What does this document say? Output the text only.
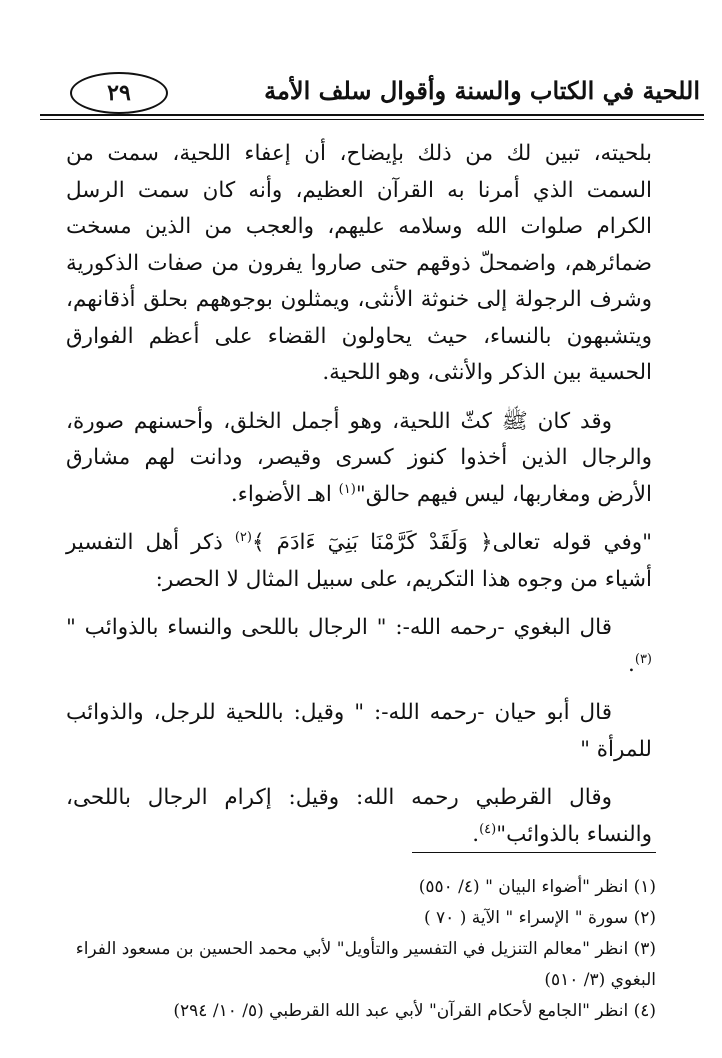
٢٩	اللحية في الكتاب والسنة وأقوال سلف الأمة

بلحيته، تبين لك من ذلك بإيضاح، أن إعفاء اللحية، سمت من السمت الذي أمرنا به القرآن العظيم، وأنه كان سمت الرسل الكرام صلوات الله وسلامه عليهم، والعجب من الذين مسخت ضمائرهم، واضمحلّ ذوقهم حتى صاروا يفرون من صفات الذكورية وشرف الرجولة إلى خنوثة الأنثى، ويمثلون بوجوههم بحلق أذقانهم، ويتشبهون بالنساء، حيث يحاولون القضاء على أعظم الفوارق الحسية بين الذكر والأنثى، وهو اللحية.

وقد كان ﷺ كثّ اللحية، وهو أجمل الخلق، وأحسنهم صورة، والرجال الذين أخذوا كنوز كسرى وقيصر، ودانت لهم مشارق الأرض ومغاربها، ليس فيهم حالق"$^{(١)}$ اهـ الأضواء.

"وفي قوله تعالى﴿ وَلَقَدْ كَرَّمْنَا بَنِيٓ ءَادَمَ ﴾$^{(٢)}$ ذكر أهل التفسير أشياء من وجوه هذا التكريم، على سبيل المثال لا الحصر:

قال البغوي -رحمه الله-: " الرجال باللحى والنساء بالذوائب "$^{(٣)}$.

قال أبو حيان -رحمه الله-: " وقيل: باللحية للرجل، والذوائب للمرأة "

وقال القرطبي رحمه الله: وقيل: إكرام الرجال باللحى، والنساء بالذوائب"$^{(٤)}$.

(١) انظر "أضواء البيان " (٤/ ٥٥٠)
(٢) سورة " الإسراء " الآية ( ٧٠ )
(٣) انظر "معالم التنزيل في التفسير والتأويل" لأبي محمد الحسين بن مسعود الفراء البغوي (٣/ ٥١٠)
(٤) انظر "الجامع لأحكام القرآن" لأبي عبد الله القرطبي (٥/ ١٠/ ٢٩٤)
